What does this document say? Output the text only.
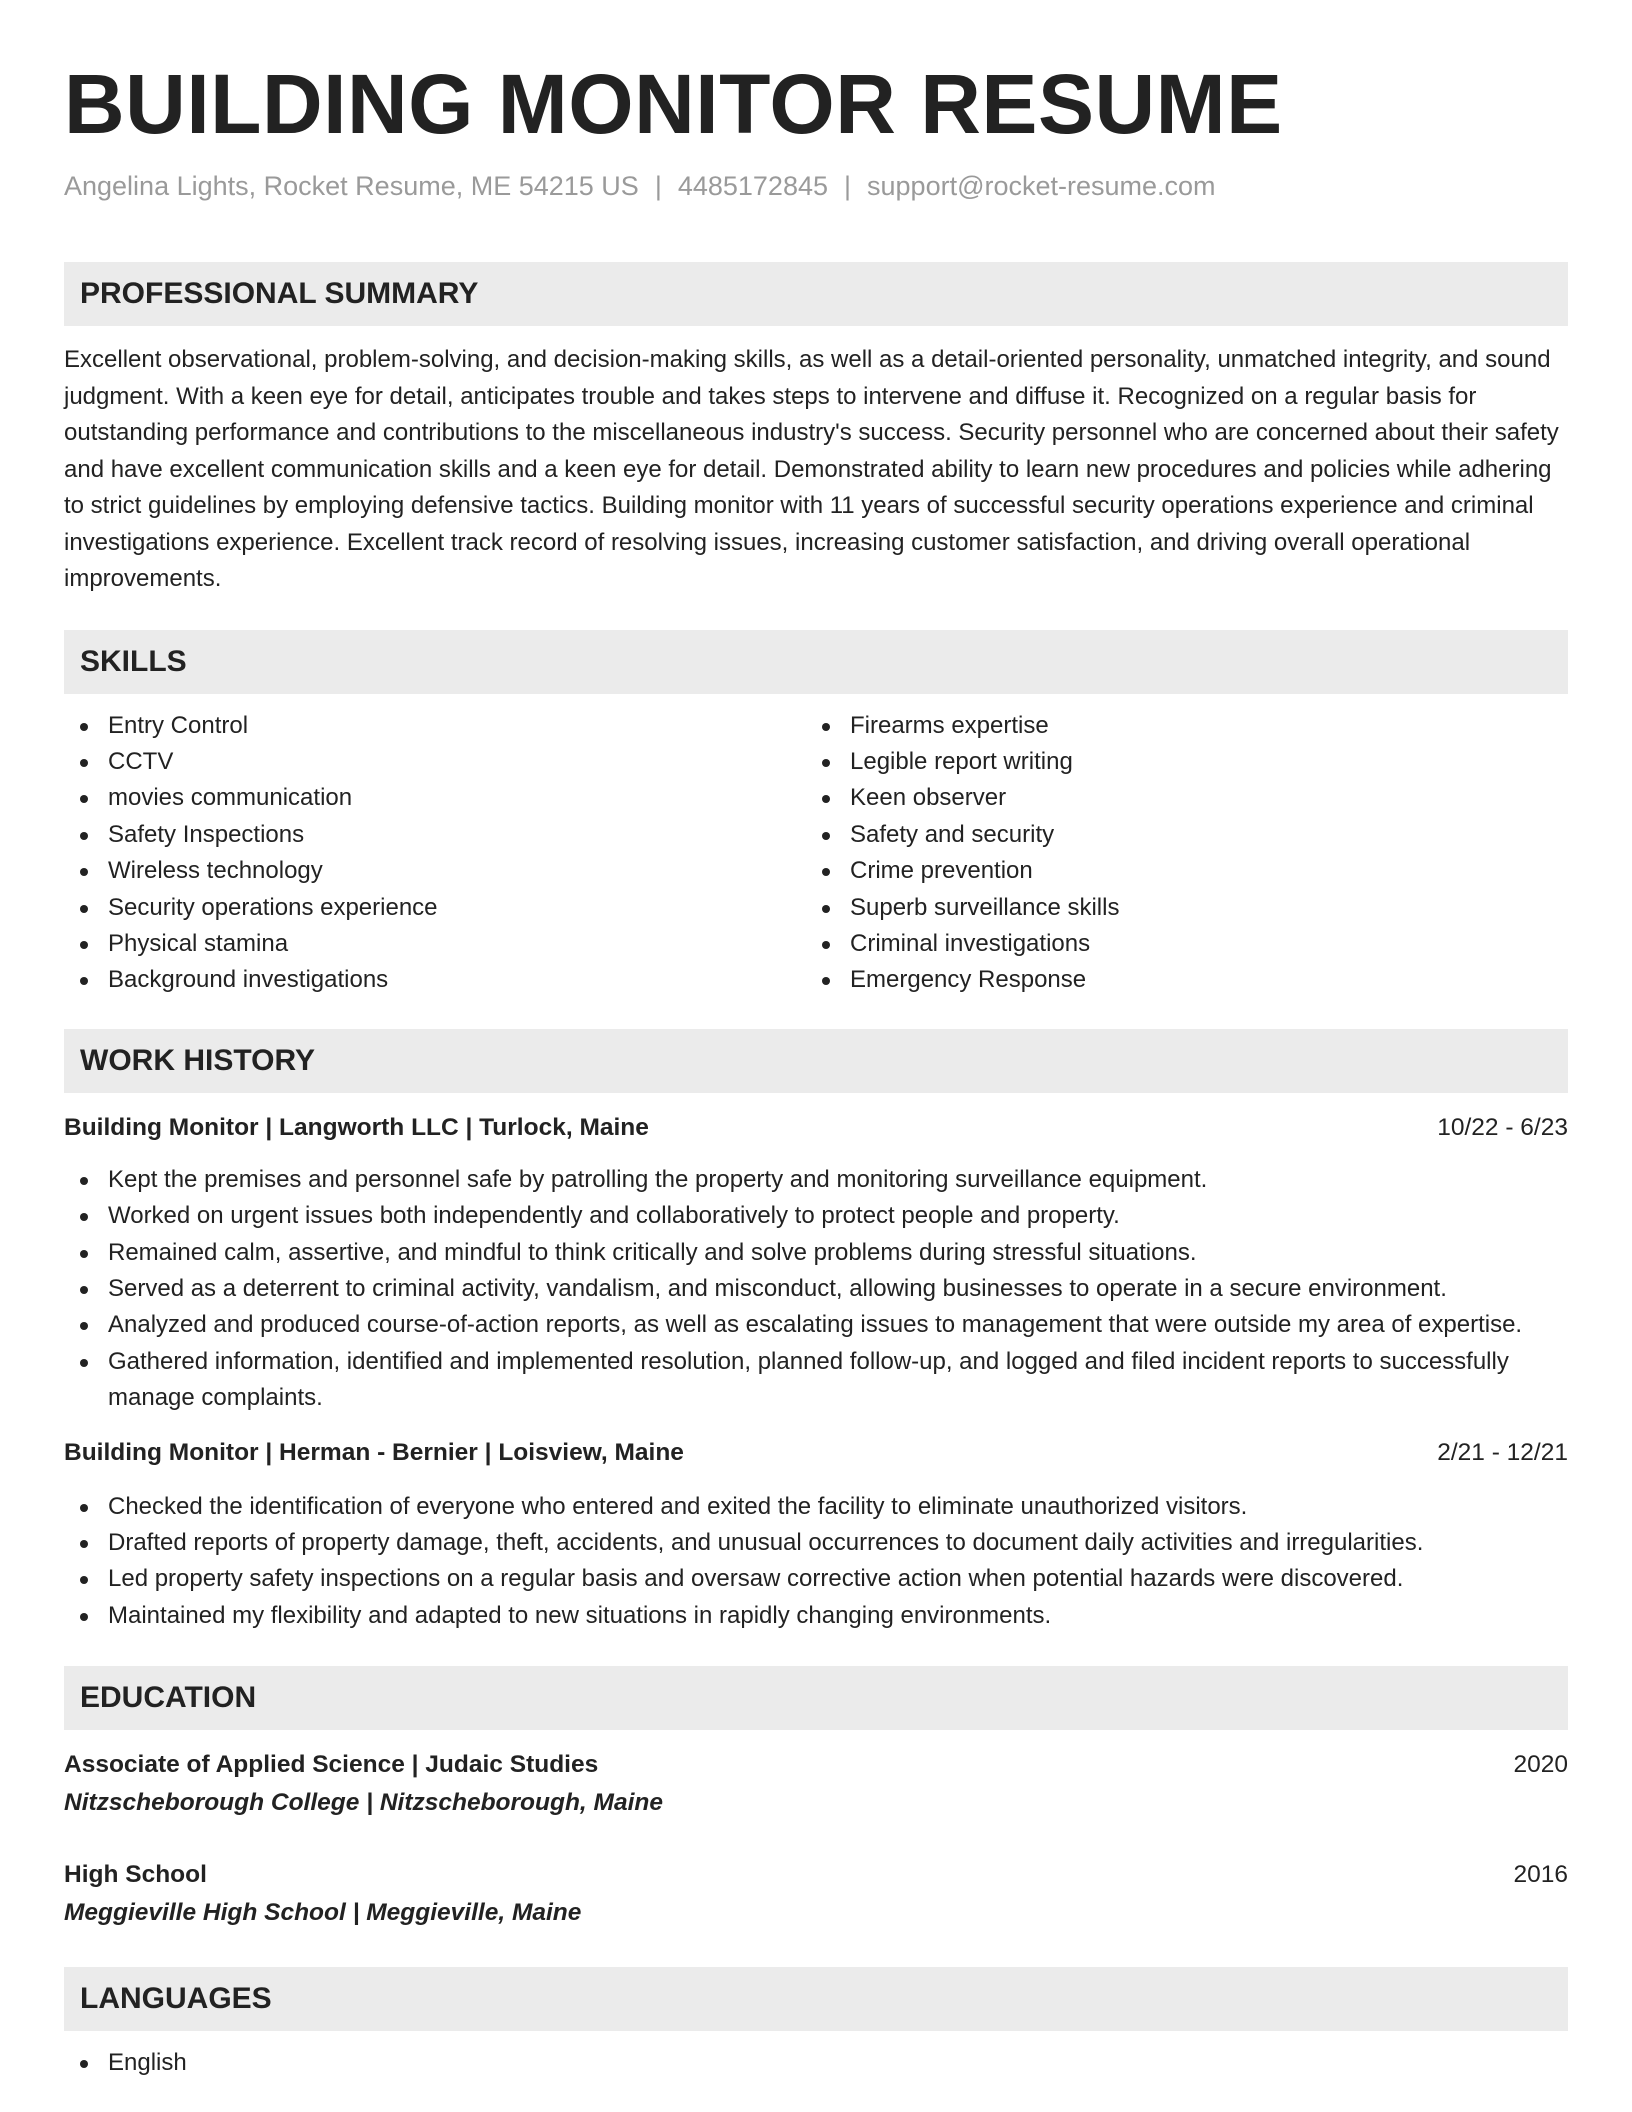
BUILDING MONITOR RESUME
Angelina Lights, Rocket Resume, ME 54215 US | 4485172845 | support@rocket-resume.com
PROFESSIONAL SUMMARY
Excellent observational, problem-solving, and decision-making skills, as well as a detail-oriented personality, unmatched integrity, and sound judgment. With a keen eye for detail, anticipates trouble and takes steps to intervene and diffuse it. Recognized on a regular basis for outstanding performance and contributions to the miscellaneous industry's success. Security personnel who are concerned about their safety and have excellent communication skills and a keen eye for detail. Demonstrated ability to learn new procedures and policies while adhering to strict guidelines by employing defensive tactics. Building monitor with 11 years of successful security operations experience and criminal investigations experience. Excellent track record of resolving issues, increasing customer satisfaction, and driving overall operational improvements.
SKILLS
Entry Control
CCTV
movies communication
Safety Inspections
Wireless technology
Security operations experience
Physical stamina
Background investigations
Firearms expertise
Legible report writing
Keen observer
Safety and security
Crime prevention
Superb surveillance skills
Criminal investigations
Emergency Response
WORK HISTORY
Building Monitor | Langworth LLC | Turlock, Maine	10/22 - 6/23
Kept the premises and personnel safe by patrolling the property and monitoring surveillance equipment.
Worked on urgent issues both independently and collaboratively to protect people and property.
Remained calm, assertive, and mindful to think critically and solve problems during stressful situations.
Served as a deterrent to criminal activity, vandalism, and misconduct, allowing businesses to operate in a secure environment.
Analyzed and produced course-of-action reports, as well as escalating issues to management that were outside my area of expertise.
Gathered information, identified and implemented resolution, planned follow-up, and logged and filed incident reports to successfully manage complaints.
Building Monitor | Herman - Bernier | Loisview, Maine	2/21 - 12/21
Checked the identification of everyone who entered and exited the facility to eliminate unauthorized visitors.
Drafted reports of property damage, theft, accidents, and unusual occurrences to document daily activities and irregularities.
Led property safety inspections on a regular basis and oversaw corrective action when potential hazards were discovered.
Maintained my flexibility and adapted to new situations in rapidly changing environments.
EDUCATION
Associate of Applied Science | Judaic Studies	2020
Nitzscheborough College | Nitzscheborough, Maine
High School	2016
Meggieville High School | Meggieville, Maine
LANGUAGES
English
